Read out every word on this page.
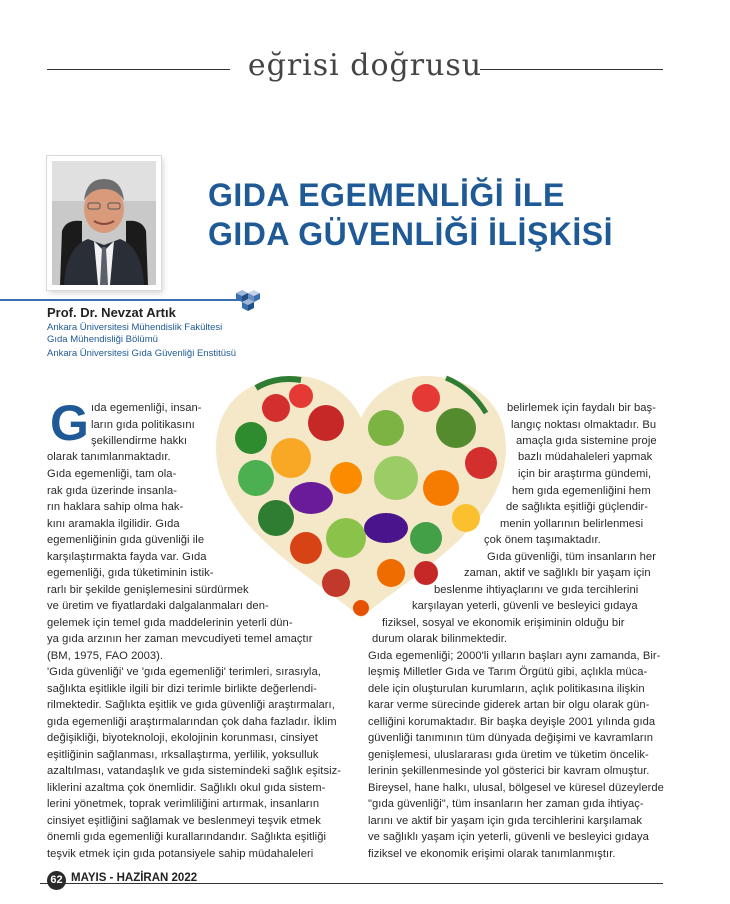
eğrisi doğrusu
GIDA EGEMENLİĞİ İLE
GIDA GÜVENLİĞİ İLİŞKİSİ
Prof. Dr. Nevzat Artık
Ankara Üniversitesi Mühendislik Fakültesi
Gıda Mühendisliği Bölümü
Ankara Üniversitesi Gıda Güvenliği Enstitüsü
G ıda egemenliği, insan-
ların gıda politikasını
şekillendirme hakkı
olarak tanımlanmaktadır.
Gıda egemenliği, tam ola-
rak gıda üzerinde insanla-
rın haklara sahip olma hak-
kını aramakla ilgilidir. Gıda
egemenliğinin gıda güvenliği ile
karşılaştırmakta fayda var. Gıda
egemenliği, gıda tüketiminin istik-
rarlı bir şekilde genişlemesini sürdürmek
ve üretim ve fiyatlardaki dalgalanmaları den-
gelemek için temel gıda maddelerinin yeterli dün-
ya gıda arzının her zaman mevcudiyeti temel amaçtır
(BM, 1975, FAO 2003).
'Gıda güvenliği' ve 'gıda egemenliği' terimleri, sırasıyla,
sağlıkta eşitlikle ilgili bir dizi terimle birlikte değerlendi-
rilmektedir. Sağlıkta eşitlik ve gıda güvenliği araştırmaları,
gıda egemenliği araştırmalarından çok daha fazladır. İklim
değişikliği, biyoteknoloji, ekolojinin korunması, cinsiyet
eşitliğinin sağlanması, ırksallaştırma, yerlilik, yoksulluk
azaltılması, vatandaşlık ve gıda sistemindeki sağlık eşitsiz-
liklerini azaltma çok önemlidir. Sağlıklı okul gıda sistem-
lerini yönetmek, toprak verimliliğini artırmak, insanların
cinsiyet eşitliğini sağlamak ve beslenmeyi teşvik etmek
önemli gıda egemenliği kurallarındandır. Sağlıkta eşitliği
teşvik etmek için gıda potansiyele sahip müdahaleleri
belirlemek için faydalı bir baş-
langıç noktası olmaktadır. Bu
amaçla gıda sistemine proje
bazlı müdahaleleri yapmak
için bir araştırma gündemi,
hem gıda egemenliğini hem
de sağlıkta eşitliği güçlendir-
menin yollarının belirlenmesi
çok önem taşımaktadır.
Gıda güvenliği, tüm insanların her
zaman, aktif ve sağlıklı bir yaşam için
beslenme ihtiyaçlarını ve gıda tercihlerini
karşılayan yeterli, güvenli ve besleyici gıdaya
fiziksel, sosyal ve ekonomik erişiminin olduğu bir
durum olarak bilinmektedir.
Gıda egemenliği; 2000'li yılların başları aynı zamanda, Bir-
leşmiş Milletler Gıda ve Tarım Örgütü gibi, açlıkla müca-
dele için oluşturulan kurumların, açlık politikasına ilişkin
karar verme sürecinde giderek artan bir olgu olarak gün-
celliğini korumaktadır. Bir başka deyişle 2001 yılında gıda
güvenliği tanımının tüm dünyada değişimi ve kavramların
genişlemesi, uluslararası gıda üretim ve tüketim öncelik-
lerinin şekillenmesinde yol gösterici bir kavram olmuştur.
Bireysel, hane halkı, ulusal, bölgesel ve küresel düzeylerde
"gıda güvenliği", tüm insanların her zaman gıda ihtiyaç-
larını ve aktif bir yaşam için gıda tercihlerini karşılamak
ve sağlıklı yaşam için yeterli, güvenli ve besleyici gıdaya
fiziksel ve ekonomik erişimi olarak tanımlanmıştır.
62 MAYIS - HAZİRAN 2022
